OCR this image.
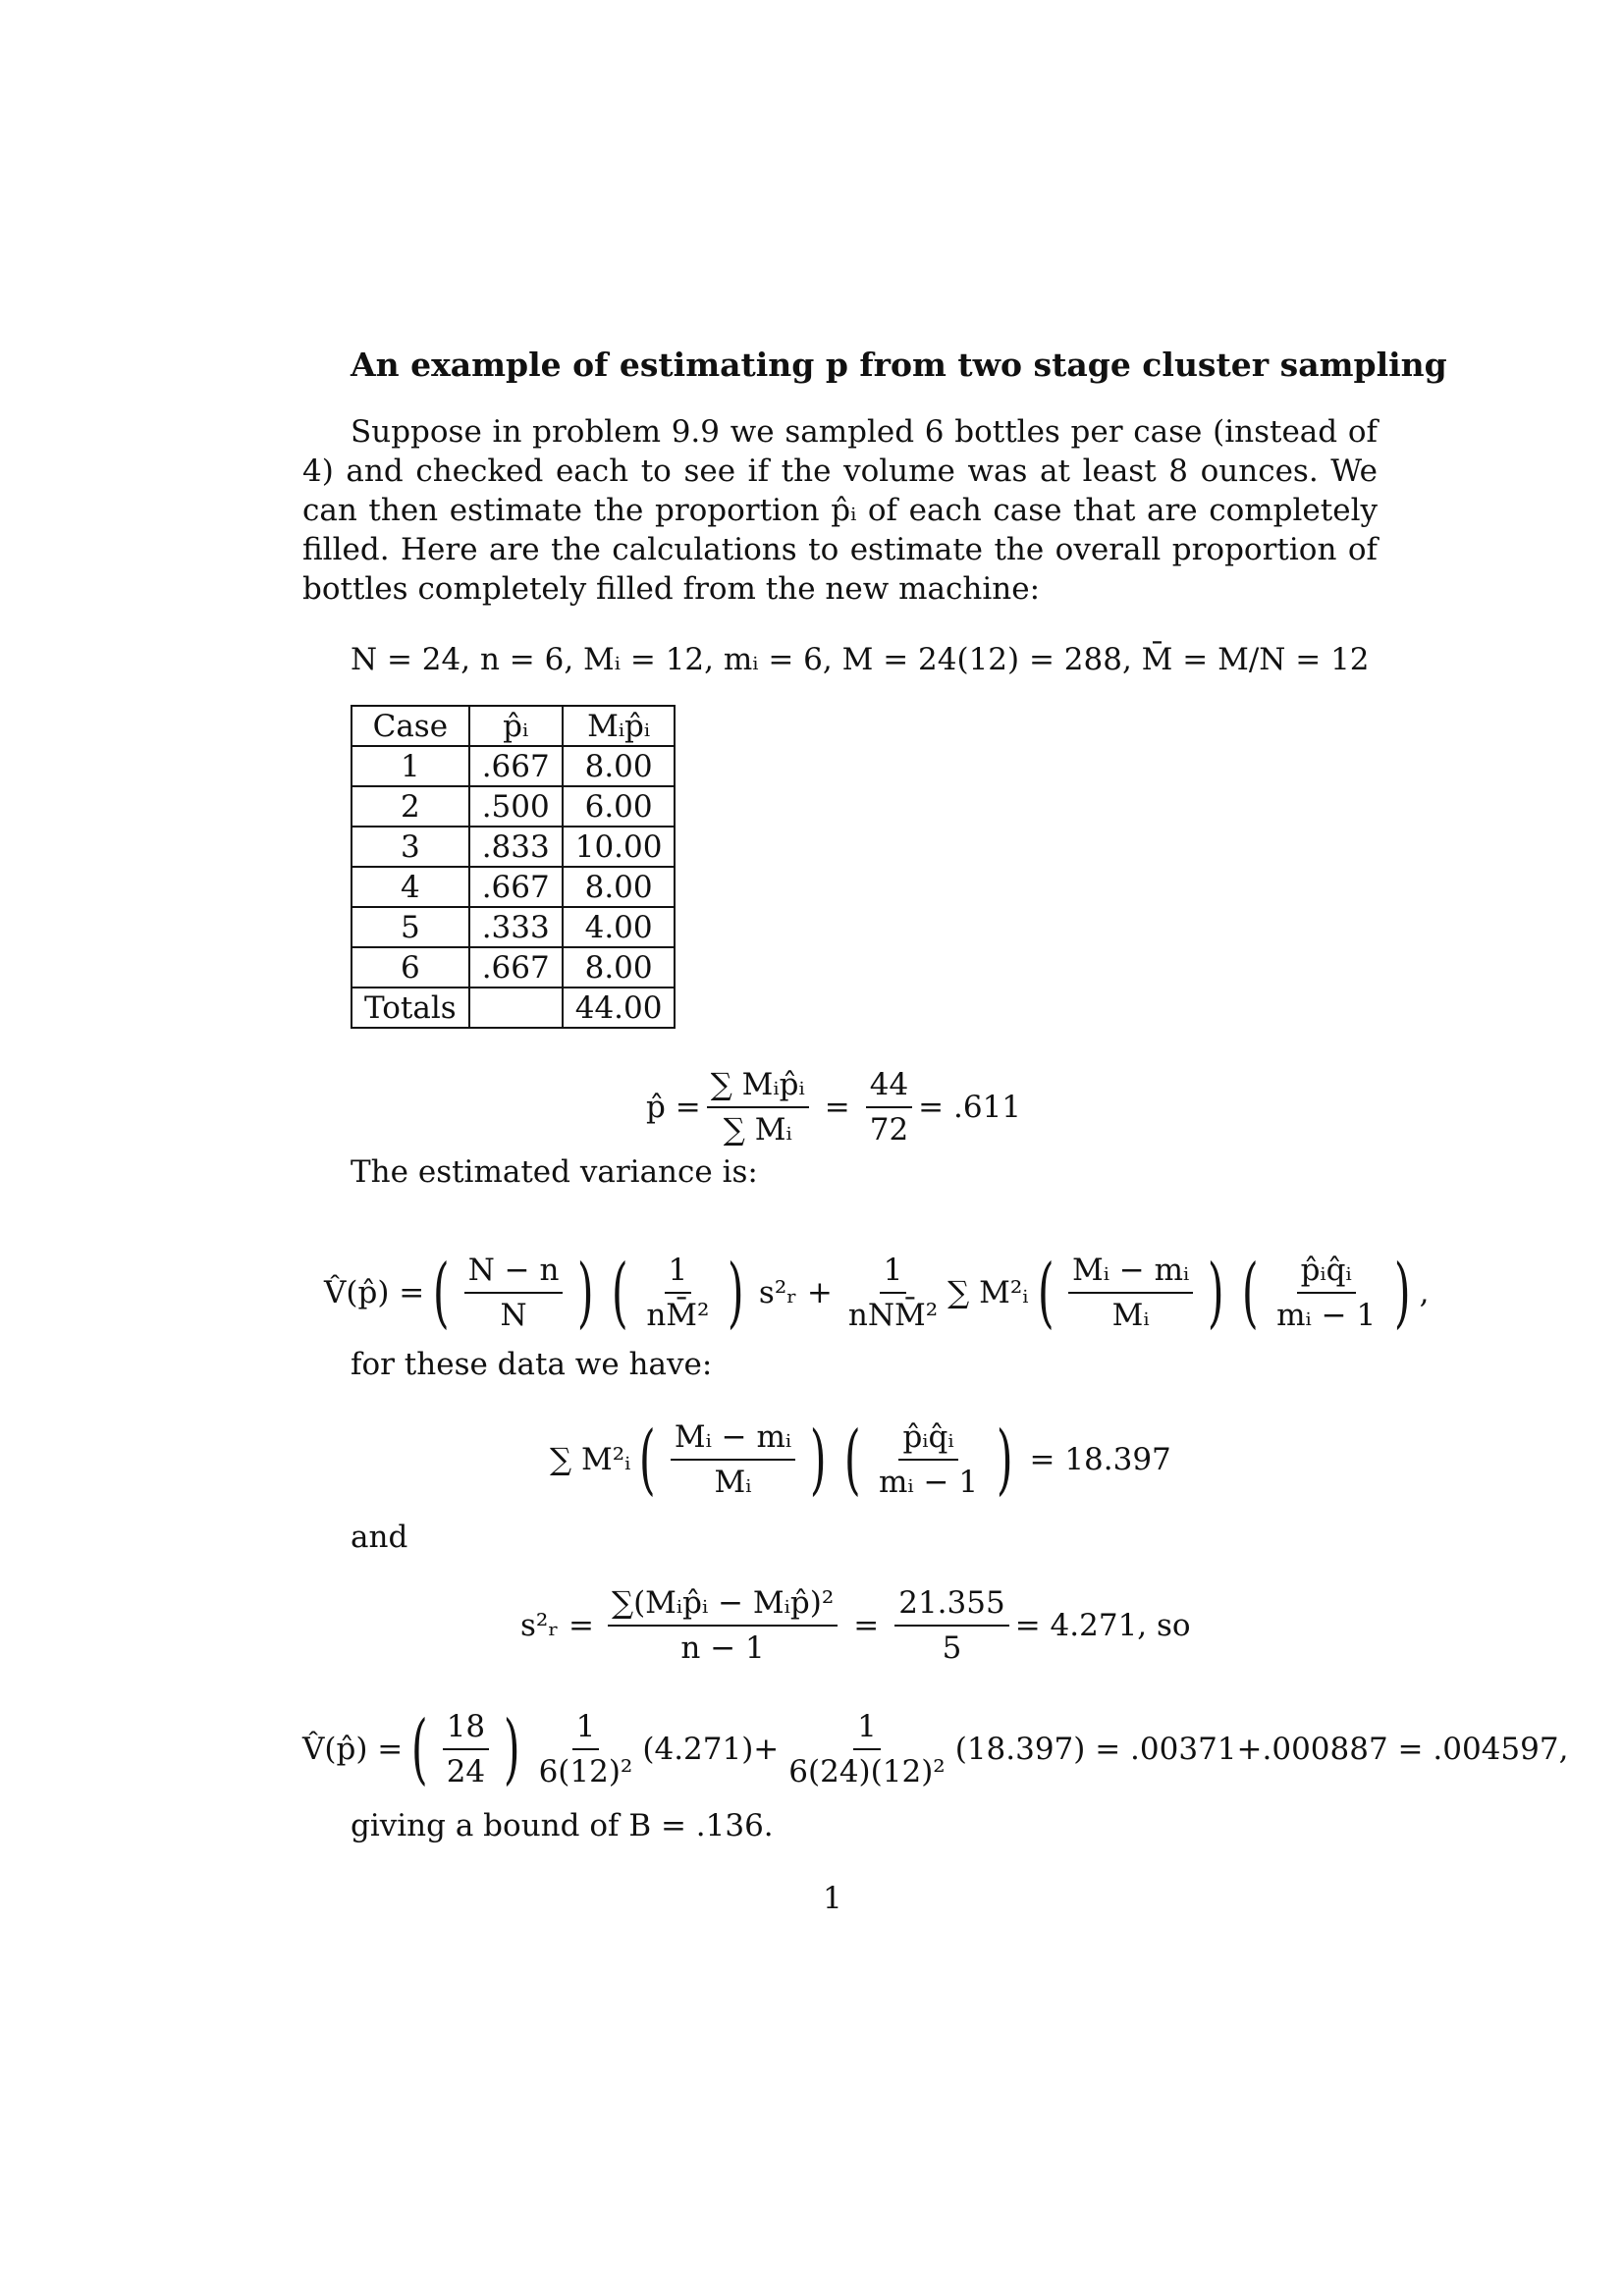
An example of estimating p from two stage cluster sampling
Suppose in problem 9.9 we sampled 6 bottles per case (instead of 4) and checked each to see if the volume was at least 8 ounces. We can then estimate the proportion p̂ᵢ of each case that are completely filled. Here are the calculations to estimate the overall proportion of bottles completely filled from the new machine:
N = 24, n = 6, Mᵢ = 12, mᵢ = 6, M = 24(12) = 288, M̄ = M/N = 12
Case	p̂ᵢ	Mᵢp̂ᵢ
1	.667	8.00
2	.500	6.00
3	.833	10.00
4	.667	8.00
5	.333	4.00
6	.667	8.00
Totals		44.00
p̂ = $\frac{\text{∑ Mᵢp̂ᵢ}}{\text{∑ Mᵢ}} = \frac{44}{72} = .611$
The estimated variance is:
V̂(p̂) = ( $\frac{N - n}{N}$ ) ( $\frac{1}{\text{nM̄²}}$ ) s²ᵣ + $\frac{1}{\text{nNM̄²}}$ ∑ M²ᵢ ( $\frac{\text{Mᵢ − mᵢ}}{\text{Mᵢ}}$ ) ( $\frac{\text{p̂ᵢq̂ᵢ}}{\text{mᵢ − 1}}$ ) ,
for these data we have:
∑ M²ᵢ ( $\frac{\text{Mᵢ − mᵢ}}{\text{Mᵢ}}$ ) ( $\frac{\text{p̂ᵢq̂ᵢ}}{\text{mᵢ − 1}}$ ) = 18.397
and
s²ᵣ = $\frac{\text{∑(Mᵢp̂ᵢ − Mᵢp̂)²}}{n - 1} = \frac{21.355}{5} = 4.271$, so
V̂(p̂) = ( $\frac{18}{24}$ ) $\frac{1}{\text{6(12)²}} (4.271)+ \frac{1}{\text{6(24)(12)²}} (18.397) = .00371+.000887 = .004597$,
giving a bound of B = .136.
1
